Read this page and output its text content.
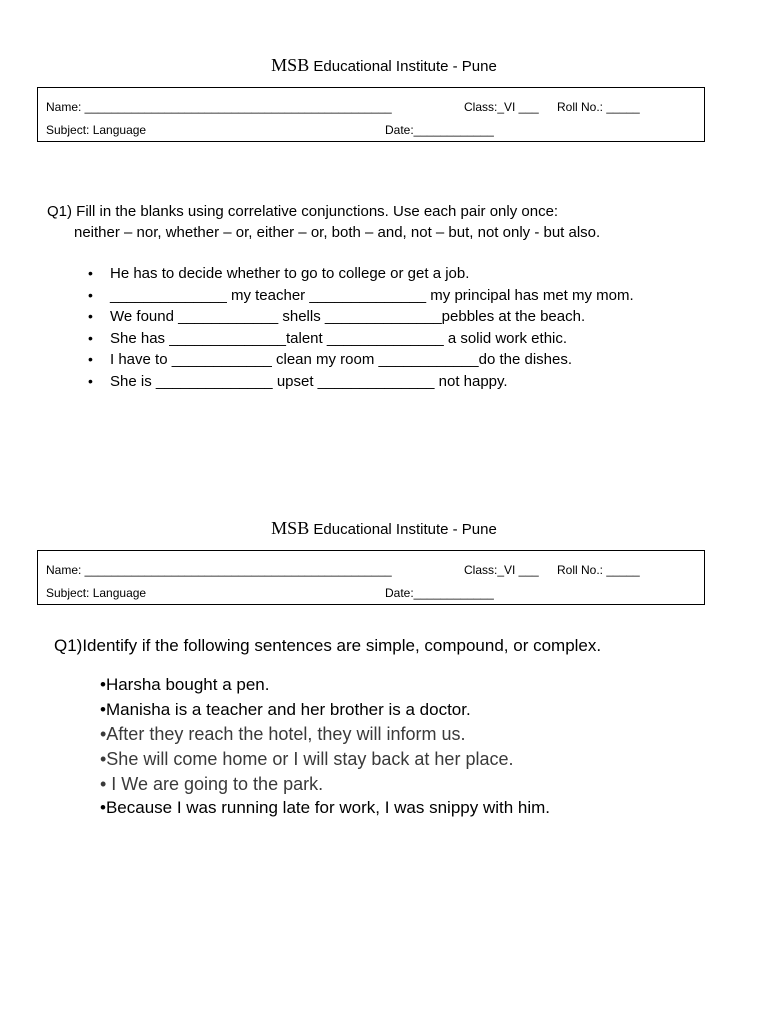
MSB Educational Institute - Pune
Name: ______________________________________________	Class:_VI ___ Roll No.: _____
Subject: Language	Date:____________
Q1) Fill in the blanks using correlative conjunctions. Use each pair only once:
neither – nor, whether – or, either – or, both – and, not – but, not only - but also.
• He has to decide whether to go to college or get a job.
• ______________ my teacher ______________ my principal has met my mom.
• We found ____________ shells ______________pebbles at the beach.
• She has ______________talent ______________ a solid work ethic.
• I have to ____________ clean my room ____________do the dishes.
• She is ______________ upset ______________ not happy.
MSB Educational Institute - Pune
Name: ______________________________________________	Class:_VI ___ Roll No.: _____
Subject: Language	Date:____________
Q1)Identify if the following sentences are simple, compound, or complex.
•Harsha bought a pen.
•Manisha is a teacher and her brother is a doctor.
•After they reach the hotel, they will inform us.
•She will come home or I will stay back at her place.
• I We are going to the park.
•Because I was running late for work, I was snippy with him.
